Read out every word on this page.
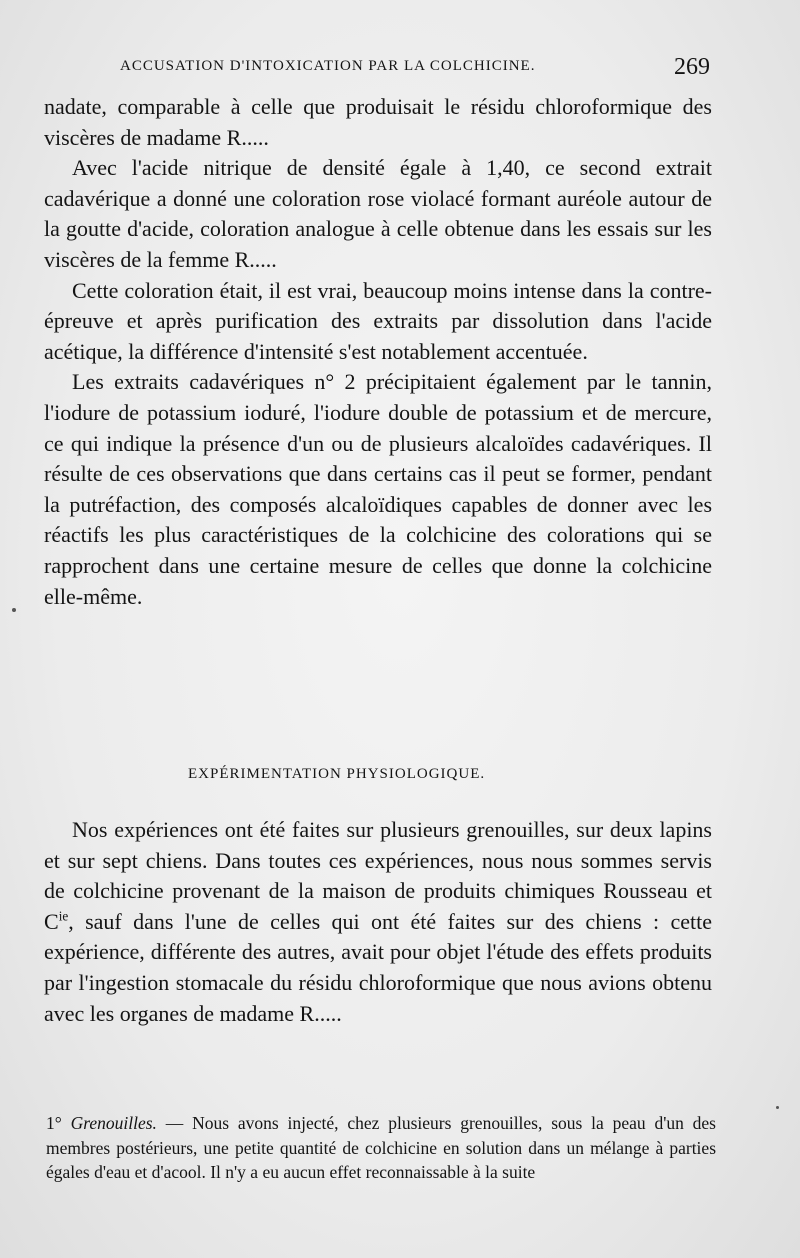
ACCUSATION D'INTOXICATION PAR LA COLCHICINE.	269

nadate, comparable à celle que produisait le résidu chloroformique des viscères de madame R.....

Avec l'acide nitrique de densité égale à 1,40, ce second extrait cadavérique a donné une coloration rose violacé formant auréole autour de la goutte d'acide, coloration analogue à celle obtenue dans les essais sur les viscères de la femme R.....

Cette coloration était, il est vrai, beaucoup moins intense dans la contre-épreuve et après purification des extraits par dissolution dans l'acide acétique, la différence d'intensité s'est notablement accentuée.

Les extraits cadavériques n° 2 précipitaient également par le tannin, l'iodure de potassium ioduré, l'iodure double de potassium et de mercure, ce qui indique la présence d'un ou de plusieurs alcaloïdes cadavériques. Il résulte de ces observations que dans certains cas il peut se former, pendant la putréfaction, des composés alcaloïdiques capables de donner avec les réactifs les plus caractéristiques de la colchicine des colorations qui se rapprochent dans une certaine mesure de celles que donne la colchicine elle-même.

EXPÉRIMENTATION PHYSIOLOGIQUE.

Nos expériences ont été faites sur plusieurs grenouilles, sur deux lapins et sur sept chiens. Dans toutes ces expériences, nous nous sommes servis de colchicine provenant de la maison de produits chimiques Rousseau et $C^{ie}$, sauf dans l'une de celles qui ont été faites sur des chiens : cette expérience, différente des autres, avait pour objet l'étude des effets produits par l'ingestion stomacale du résidu chloroformique que nous avions obtenu avec les organes de madame R.....

1° Grenouilles. — Nous avons injecté, chez plusieurs grenouilles, sous la peau d'un des membres postérieurs, une petite quantité de colchicine en solution dans un mélange à parties égales d'eau et d'acool. Il n'y a eu aucun effet reconnaissable à la suite
